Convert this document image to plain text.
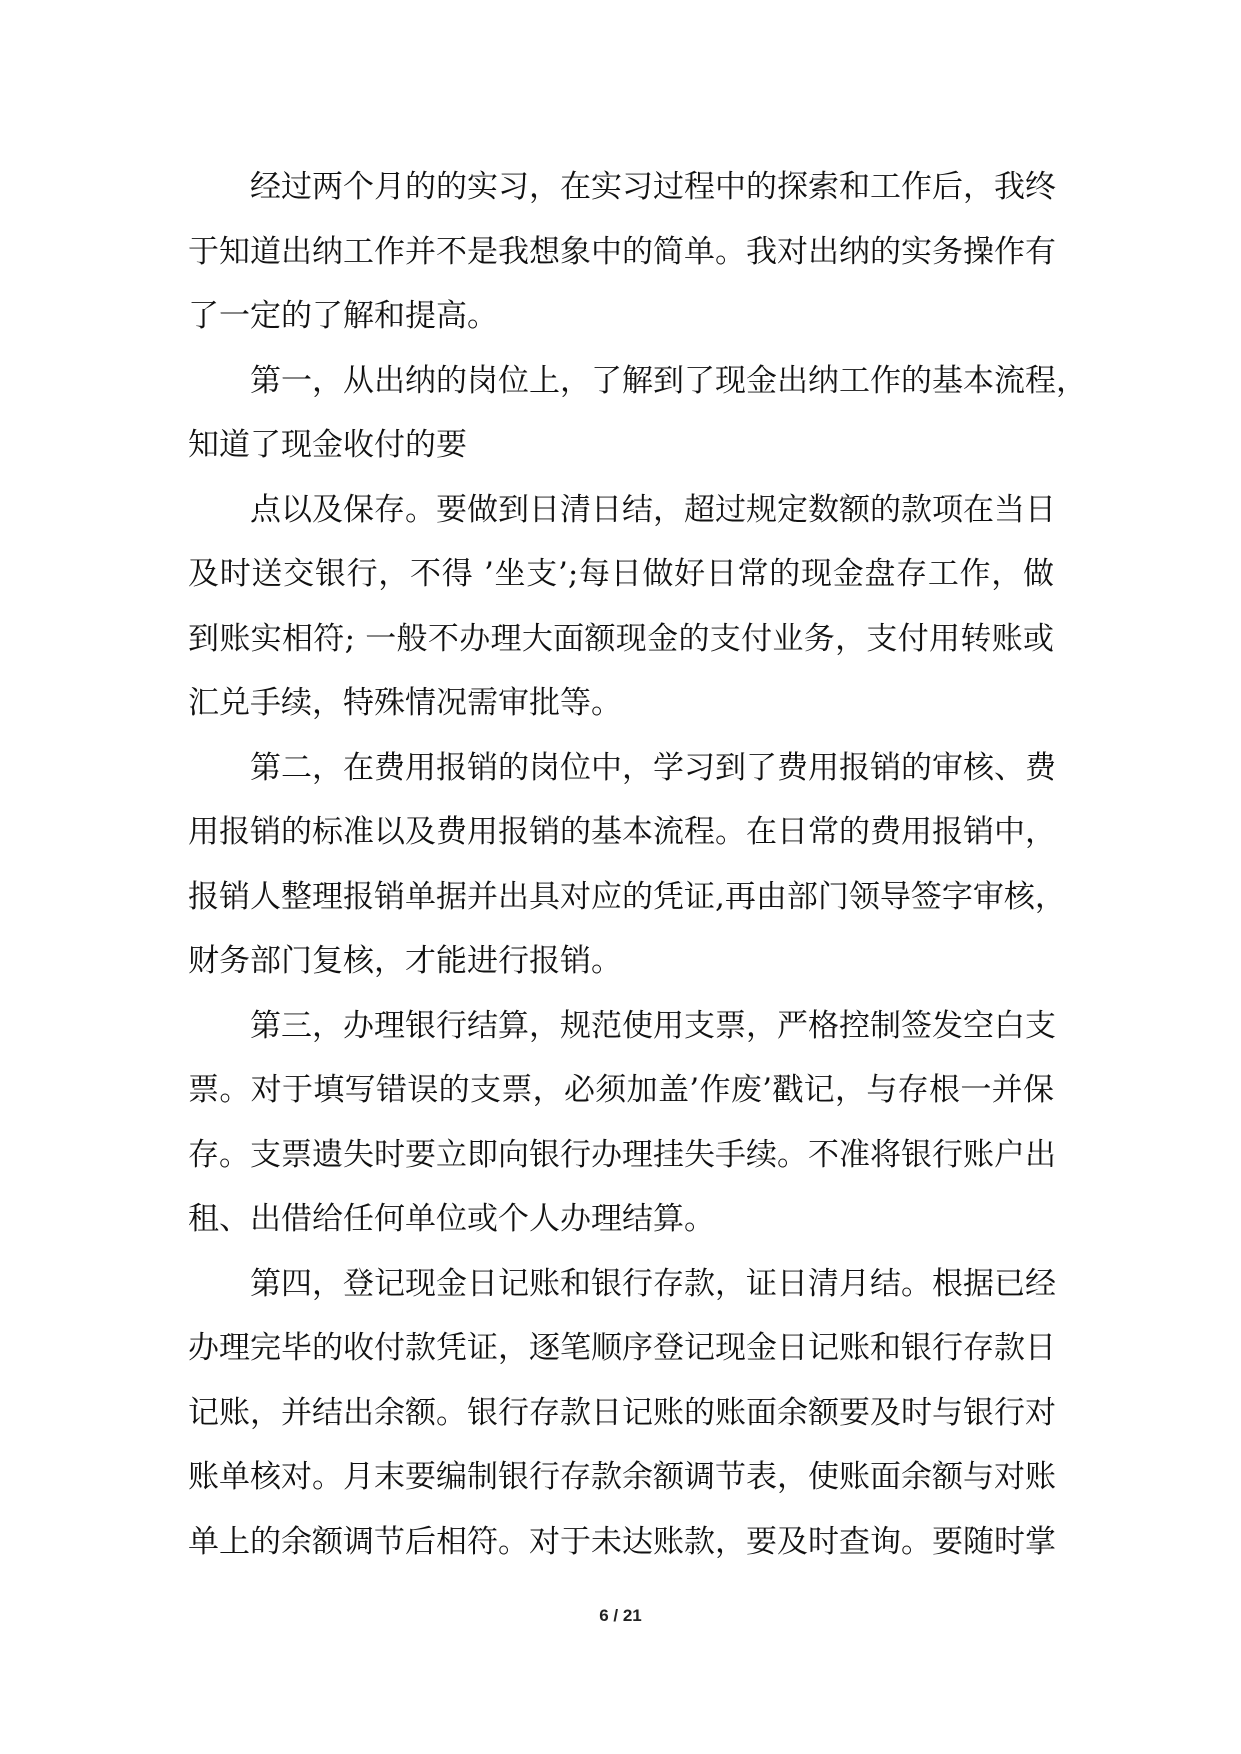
经过两个月的的实习，在实习过程中的探索和工作后，我终
于知道出纳工作并不是我想象中的简单。我对出纳的实务操作有
了一定的了解和提高。
第一，从出纳的岗位上，了解到了现金出纳工作的基本流程，
知道了现金收付的要
点以及保存。要做到日清日结，超过规定数额的款项在当日
及时送交银行，不得 ’坐支’;每日做好日常的现金盘存工作，做
到账实相符; 一般不办理大面额现金的支付业务，支付用转账或
汇兑手续，特殊情况需审批等。
第二，在费用报销的岗位中，学习到了费用报销的审核、费
用报销的标准以及费用报销的基本流程。在日常的费用报销中，
报销人整理报销单据并出具对应的凭证,再由部门领导签字审核，
财务部门复核，才能进行报销。
第三，办理银行结算，规范使用支票，严格控制签发空白支
票。对于填写错误的支票，必须加盖’作废’戳记，与存根一并保
存。支票遗失时要立即向银行办理挂失手续。不准将银行账户出
租、出借给任何单位或个人办理结算。
第四，登记现金日记账和银行存款，证日清月结。根据已经
办理完毕的收付款凭证，逐笔顺序登记现金日记账和银行存款日
记账，并结出余额。银行存款日记账的账面余额要及时与银行对
账单核对。月末要编制银行存款余额调节表，使账面余额与对账
单上的余额调节后相符。对于未达账款，要及时查询。要随时掌
6 / 21
